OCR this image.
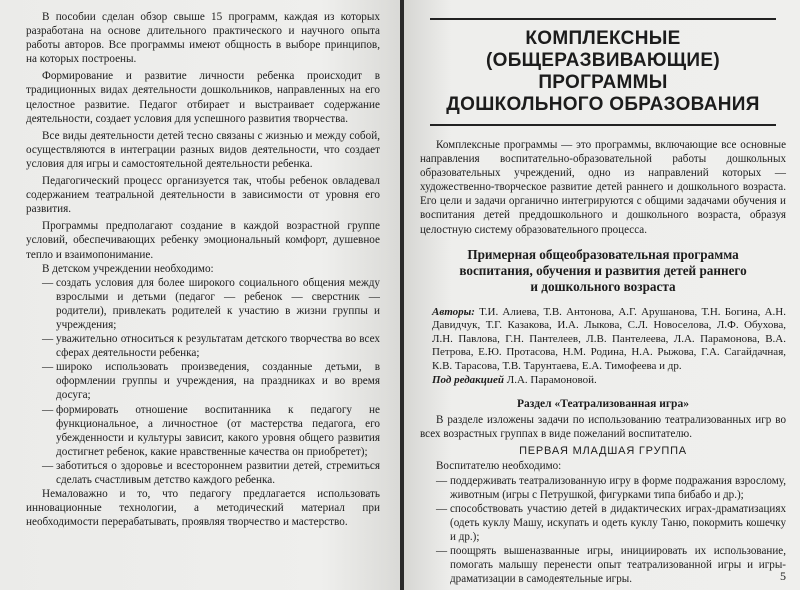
В пособии сделан обзор свыше 15 программ, каждая из которых разработана на основе длительного практического и научного опыта работы авторов. Все программы имеют общность в выборе принципов, на которых построены.

Формирование и развитие личности ребенка происходит в традиционных видах деятельности дошкольников, направленных на его целостное развитие. Педагог отбирает и выстраивает содержание деятельности, создает условия для успешного развития творчества.

Все виды деятельности детей тесно связаны с жизнью и между собой, осуществляются в интеграции разных видов деятельности, что создает условия для игры и самостоятельной деятельности ребенка.

Педагогический процесс организуется так, чтобы ребенок овладевал содержанием театральной деятельности в зависимости от уровня его развития.

Программы предполагают создание в каждой возрастной группе условий, обеспечивающих ребенку эмоциональный комфорт, душевное тепло и взаимопонимание.

В детском учреждении необходимо:

— создать условия для более широкого социального общения между взрослыми и детьми (педагог — ребенок — сверстник — родители), привлекать родителей к участию в жизни группы и учреждения;
— уважительно относиться к результатам детского творчества во всех сферах деятельности ребенка;
— широко использовать произведения, созданные детьми, в оформлении группы и учреждения, на праздниках и во время досуга;
— формировать отношение воспитанника к педагогу не функциональное, а личностное (от мастерства педагога, его убежденности и культуры зависит, какого уровня общего развития достигнет ребенок, какие нравственные качества он приобретет);
— заботиться о здоровье и всестороннем развитии детей, стремиться сделать счастливым детство каждого ребенка.

Немаловажно и то, что педагогу предлагается использовать инновационные технологии, а методический материал при необходимости перерабатывать, проявляя творчество и мастерство.

КОМПЛЕКСНЫЕ
(ОБЩЕРАЗВИВАЮЩИЕ) ПРОГРАММЫ
ДОШКОЛЬНОГО ОБРАЗОВАНИЯ

Комплексные программы — это программы, включающие все основные направления воспитательно-образовательной работы дошкольных образовательных учреждений, одно из направлений которых — художественно-творческое развитие детей раннего и дошкольного возраста. Его цели и задачи органично интегрируются с общими задачами обучения и воспитания детей преддошкольного и дошкольного возраста, образуя целостную систему образовательного процесса.

Примерная общеобразовательная программа
воспитания, обучения и развития детей раннего
и дошкольного возраста

Авторы: Т.И. Алиева, Т.В. Антонова, А.Г. Арушанова, Т.Н. Богина, А.Н. Давидчук, Т.Г. Казакова, И.А. Лыкова, С.Л. Новоселова, Л.Ф. Обухова, Л.Н. Павлова, Г.Н. Пантелеев, Л.В. Пантелеева, Л.А. Парамонова, В.А. Петрова, Е.Ю. Протасова, Н.М. Родина, Н.А. Рыжова, Г.А. Сагайдачная, К.В. Тарасова, Т.В. Тарунтаева, Е.А. Тимофеева и др.
Под редакцией Л.А. Парамоновой.

Раздел «Театрализованная игра»

В разделе изложены задачи по использованию театрализованных игр во всех возрастных группах в виде пожеланий воспитателю.

ПЕРВАЯ МЛАДШАЯ ГРУППА

Воспитателю необходимо:

— поддерживать театрализованную игру в форме подражания взрослому, животным (игры с Петрушкой, фигурками типа бибабо и др.);
— способствовать участию детей в дидактических играх-драматизациях (одеть куклу Машу, искупать и одеть куклу Таню, покормить кошечку и др.);
— поощрять вышеназванные игры, инициировать их использование, помогать малышу перенести опыт театрализованной игры и игры-драматизации в самодеятельные игры.	5
